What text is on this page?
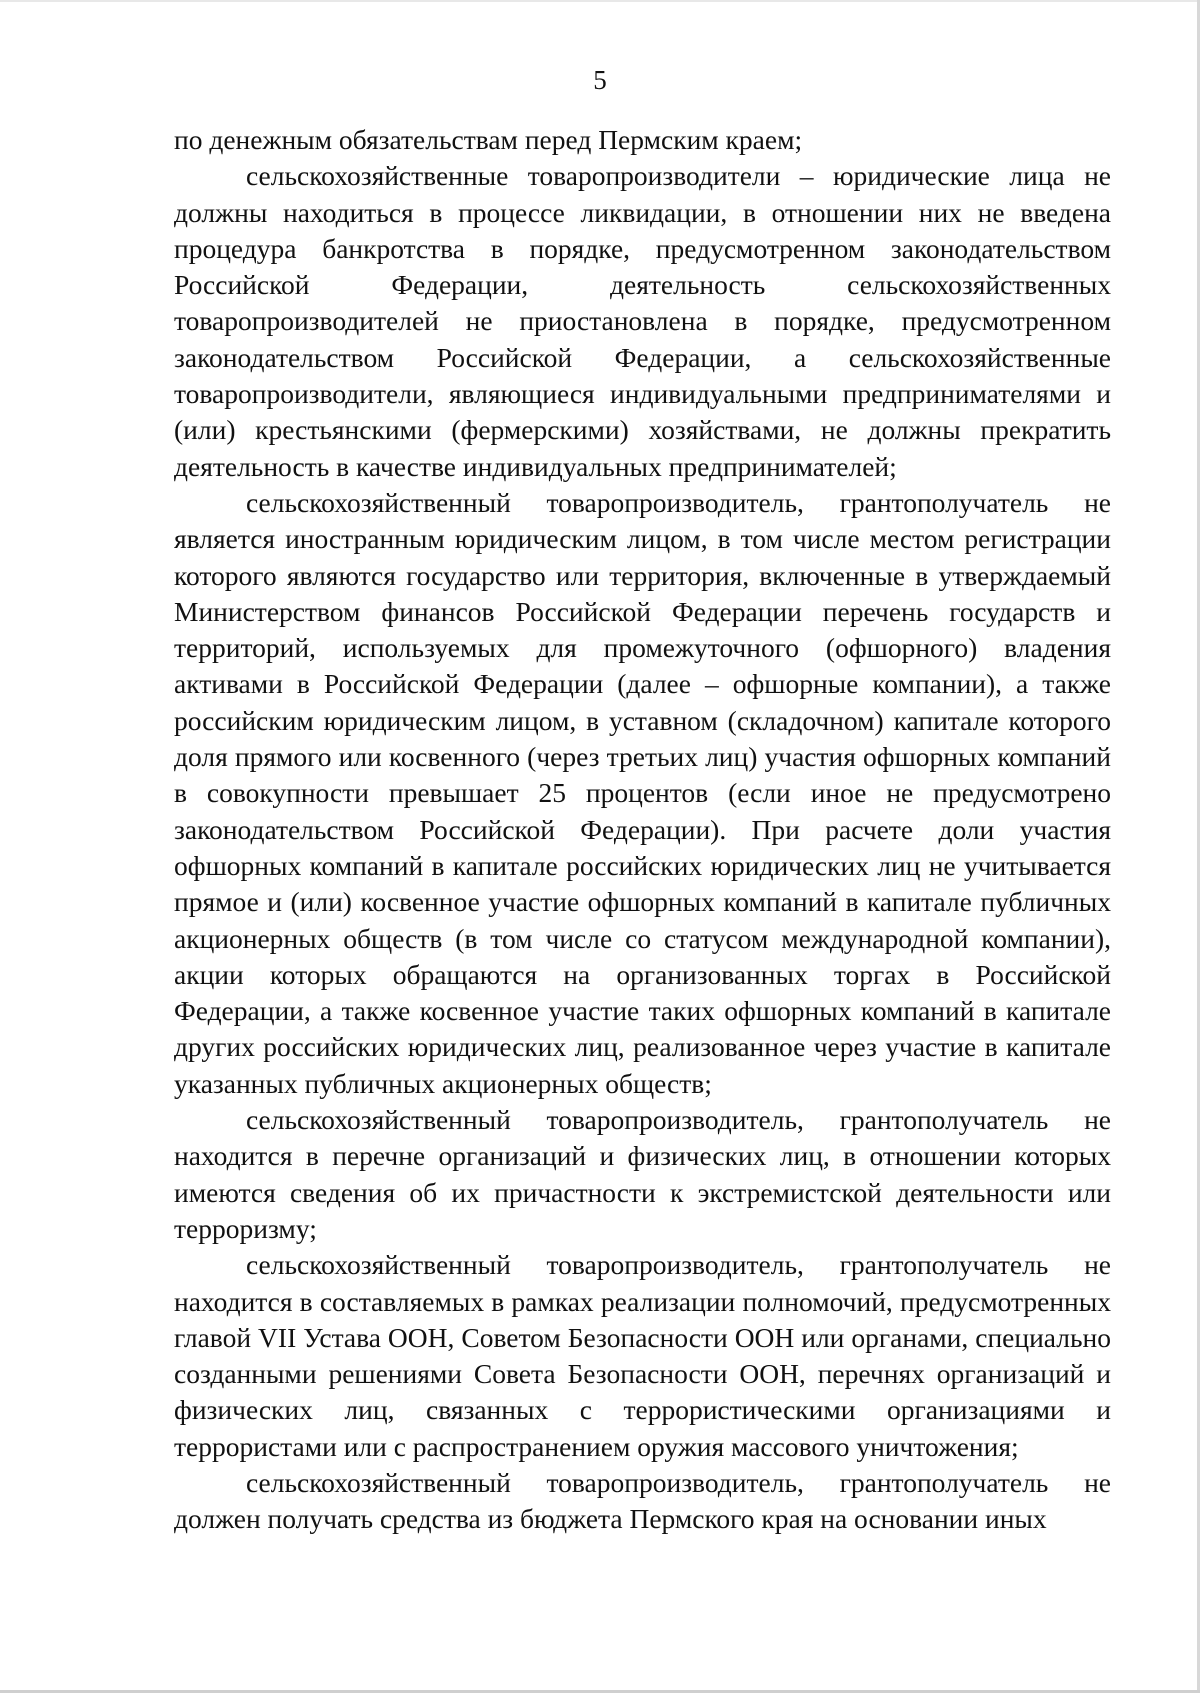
5

по денежным обязательствам перед Пермским краем;

сельскохозяйственные товаропроизводители – юридические лица не должны находиться в процессе ликвидации, в отношении них не введена процедура банкротства в порядке, предусмотренном законодательством Российской Федерации, деятельность сельскохозяйственных товаропроизводителей не приостановлена в порядке, предусмотренном законодательством Российской Федерации, а сельскохозяйственные товаропроизводители, являющиеся индивидуальными предпринимателями и (или) крестьянскими (фермерскими) хозяйствами, не должны прекратить деятельность в качестве индивидуальных предпринимателей;

сельскохозяйственный товаропроизводитель, грантополучатель не является иностранным юридическим лицом, в том числе местом регистрации которого являются государство или территория, включенные в утверждаемый Министерством финансов Российской Федерации перечень государств и территорий, используемых для промежуточного (офшорного) владения активами в Российской Федерации (далее – офшорные компании), а также российским юридическим лицом, в уставном (складочном) капитале которого доля прямого или косвенного (через третьих лиц) участия офшорных компаний в совокупности превышает 25 процентов (если иное не предусмотрено законодательством Российской Федерации). При расчете доли участия офшорных компаний в капитале российских юридических лиц не учитывается прямое и (или) косвенное участие офшорных компаний в капитале публичных акционерных обществ (в том числе со статусом международной компании), акции которых обращаются на организованных торгах в Российской Федерации, а также косвенное участие таких офшорных компаний в капитале других российских юридических лиц, реализованное через участие в капитале указанных публичных акционерных обществ;

сельскохозяйственный товаропроизводитель, грантополучатель не находится в перечне организаций и физических лиц, в отношении которых имеются сведения об их причастности к экстремистской деятельности или терроризму;

сельскохозяйственный товаропроизводитель, грантополучатель не находится в составляемых в рамках реализации полномочий, предусмотренных главой VII Устава ООН, Советом Безопасности ООН или органами, специально созданными решениями Совета Безопасности ООН, перечнях организаций и физических лиц, связанных с террористическими организациями и террористами или с распространением оружия массового уничтожения;

сельскохозяйственный товаропроизводитель, грантополучатель не должен получать средства из бюджета Пермского края на основании иных
